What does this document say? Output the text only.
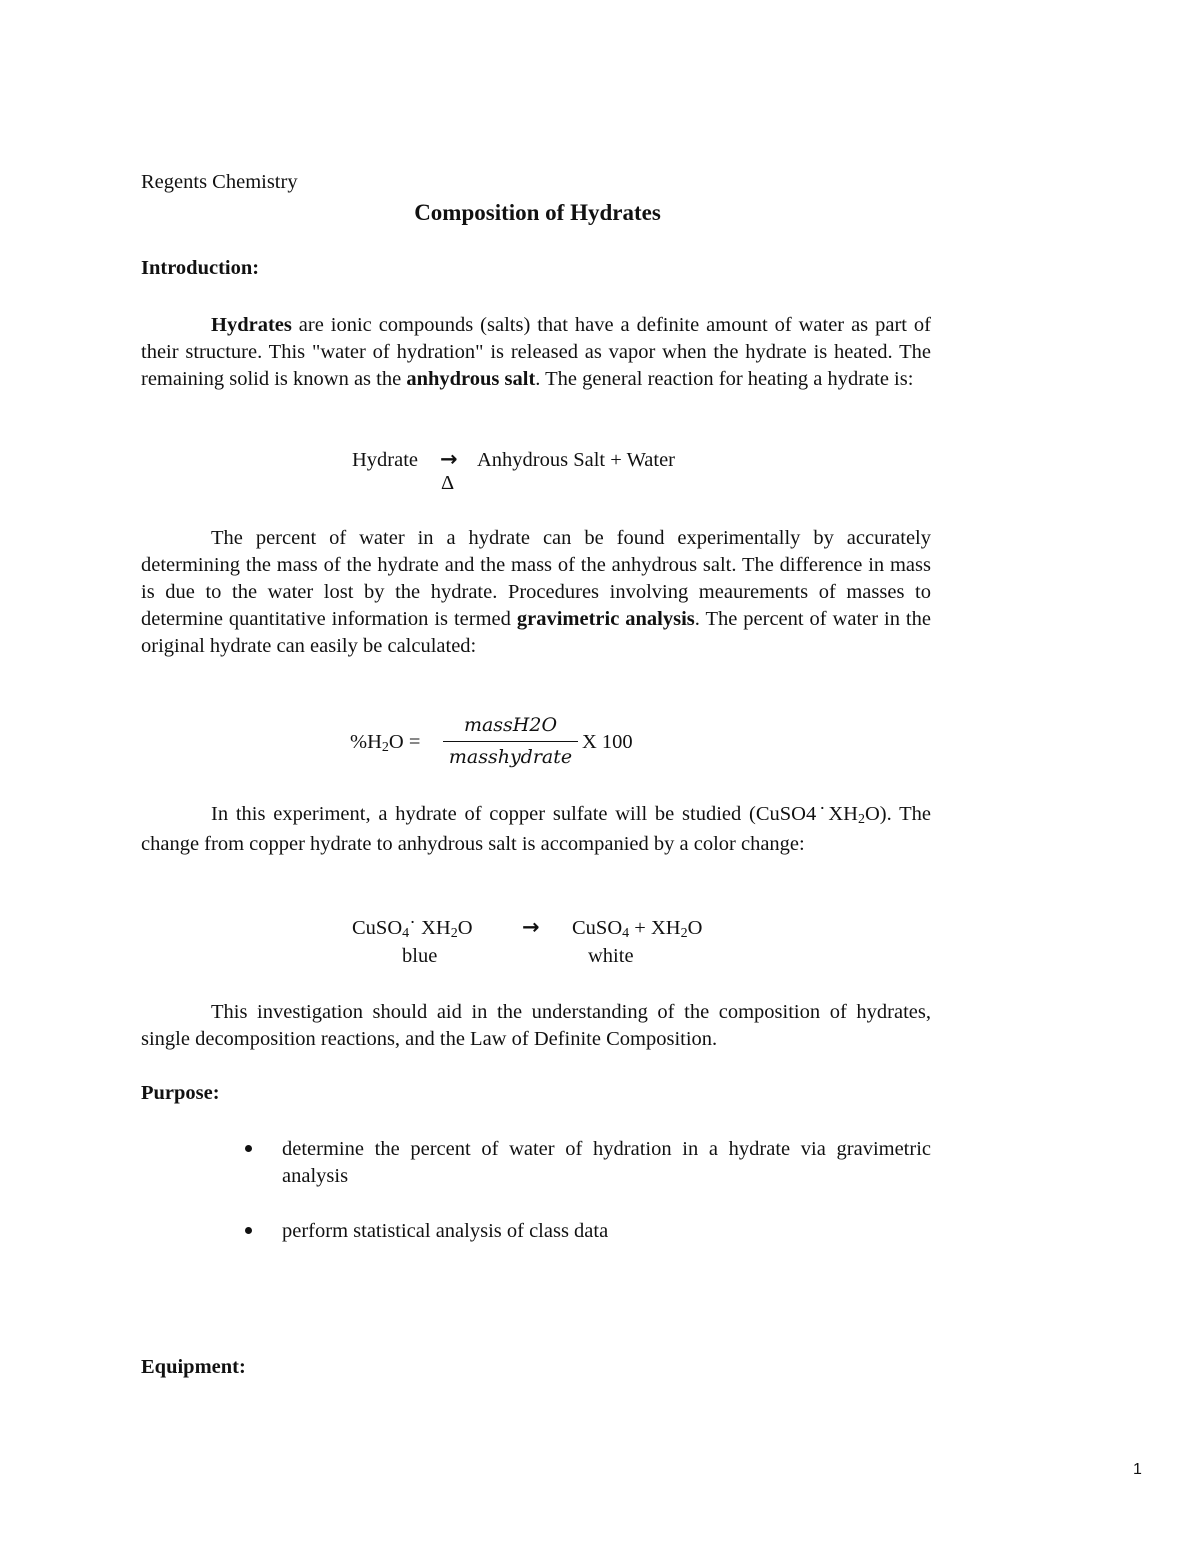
Regents Chemistry
Composition of Hydrates
Introduction:
Hydrates are ionic compounds (salts) that have a definite amount of water as part of their structure. This "water of hydration" is released as vapor when the hydrate is heated. The remaining solid is known as the anhydrous salt. The general reaction for heating a hydrate is:
Hydrate → Anhydrous Salt + Water
Δ
The percent of water in a hydrate can be found experimentally by accurately determining the mass of the hydrate and the mass of the anhydrous salt. The difference in mass is due to the water lost by the hydrate. Procedures involving meaurements of masses to determine quantitative information is termed gravimetric analysis. The percent of water in the original hydrate can easily be calculated:
$\%H_2O$ =
massH2O
masshydrate
X 100
In this experiment, a hydrate of copper sulfate will be studied $(CuSO4˙XH_2O)$. The change from copper hydrate to anhydrous salt is accompanied by a color change:
CuSO$_4$˙ $XH_2O$ → CuSO$_4$ + $XH_2O$
blue	white
This investigation should aid in the understanding of the composition of hydrates, single decomposition reactions, and the Law of Definite Composition.
Purpose:
determine the percent of water of hydration in a hydrate via gravimetric analysis
perform statistical analysis of class data
Equipment:
1
